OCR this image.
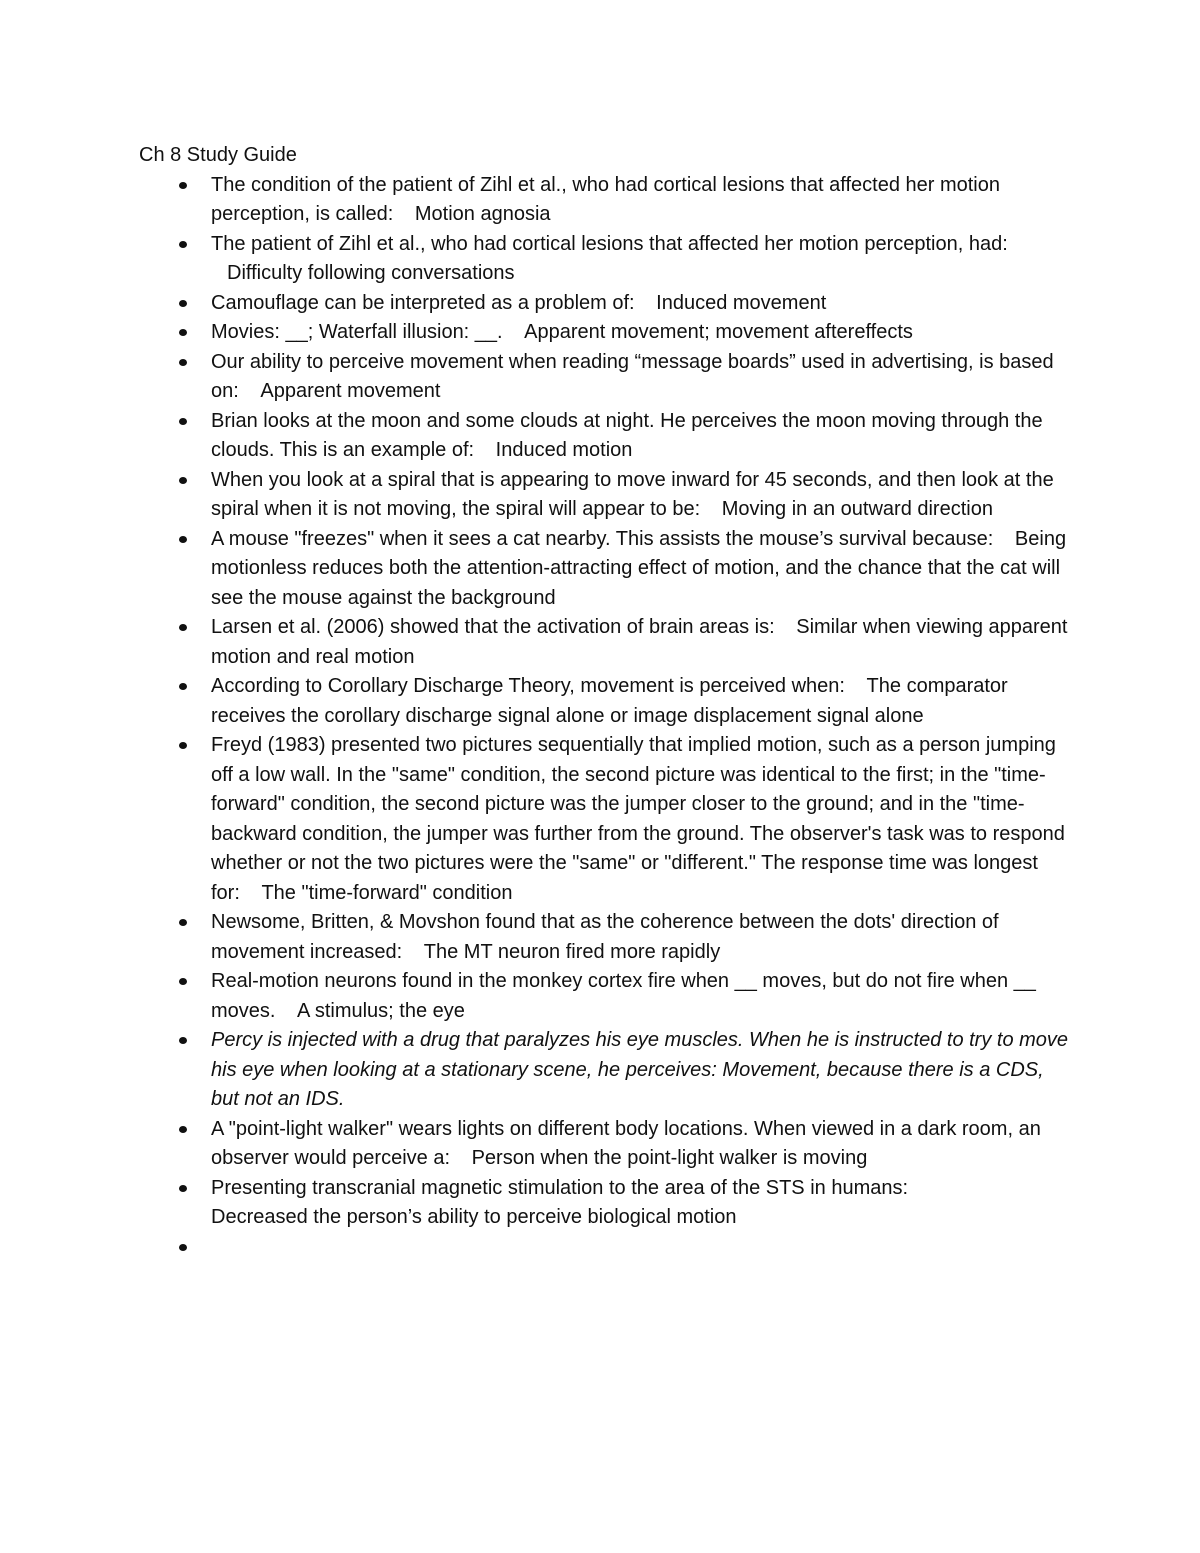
Ch 8 Study Guide

The condition of the patient of Zihl et al., who had cortical lesions that affected her motion perception, is called: Motion agnosia
The patient of Zihl et al., who had cortical lesions that affected her motion perception, had: Difficulty following conversations
Camouflage can be interpreted as a problem of: Induced movement
Movies: __; Waterfall illusion: __. Apparent movement; movement aftereffects
Our ability to perceive movement when reading “message boards” used in advertising, is based on: Apparent movement
Brian looks at the moon and some clouds at night. He perceives the moon moving through the clouds. This is an example of: Induced motion
When you look at a spiral that is appearing to move inward for 45 seconds, and then look at the spiral when it is not moving, the spiral will appear to be: Moving in an outward direction
A mouse "freezes" when it sees a cat nearby. This assists the mouse’s survival because: Being motionless reduces both the attention-attracting effect of motion, and the chance that the cat will see the mouse against the background
Larsen et al. (2006) showed that the activation of brain areas is: Similar when viewing apparent motion and real motion
According to Corollary Discharge Theory, movement is perceived when: The comparator receives the corollary discharge signal alone or image displacement signal alone
Freyd (1983) presented two pictures sequentially that implied motion, such as a person jumping off a low wall. In the "same" condition, the second picture was identical to the first; in the "time-forward" condition, the second picture was the jumper closer to the ground; and in the "time-backward condition, the jumper was further from the ground. The observer's task was to respond whether or not the two pictures were the "same" or "different." The response time was longest for: The "time-forward" condition
Newsome, Britten, & Movshon found that as the coherence between the dots' direction of movement increased: The MT neuron fired more rapidly
Real-motion neurons found in the monkey cortex fire when __ moves, but do not fire when __ moves. A stimulus; the eye
Percy is injected with a drug that paralyzes his eye muscles. When he is instructed to try to move his eye when looking at a stationary scene, he perceives: Movement, because there is a CDS, but not an IDS.
A "point-light walker" wears lights on different body locations. When viewed in a dark room, an observer would perceive a: Person when the point-light walker is moving
Presenting transcranial magnetic stimulation to the area of the STS in humans:
Decreased the person’s ability to perceive biological motion
